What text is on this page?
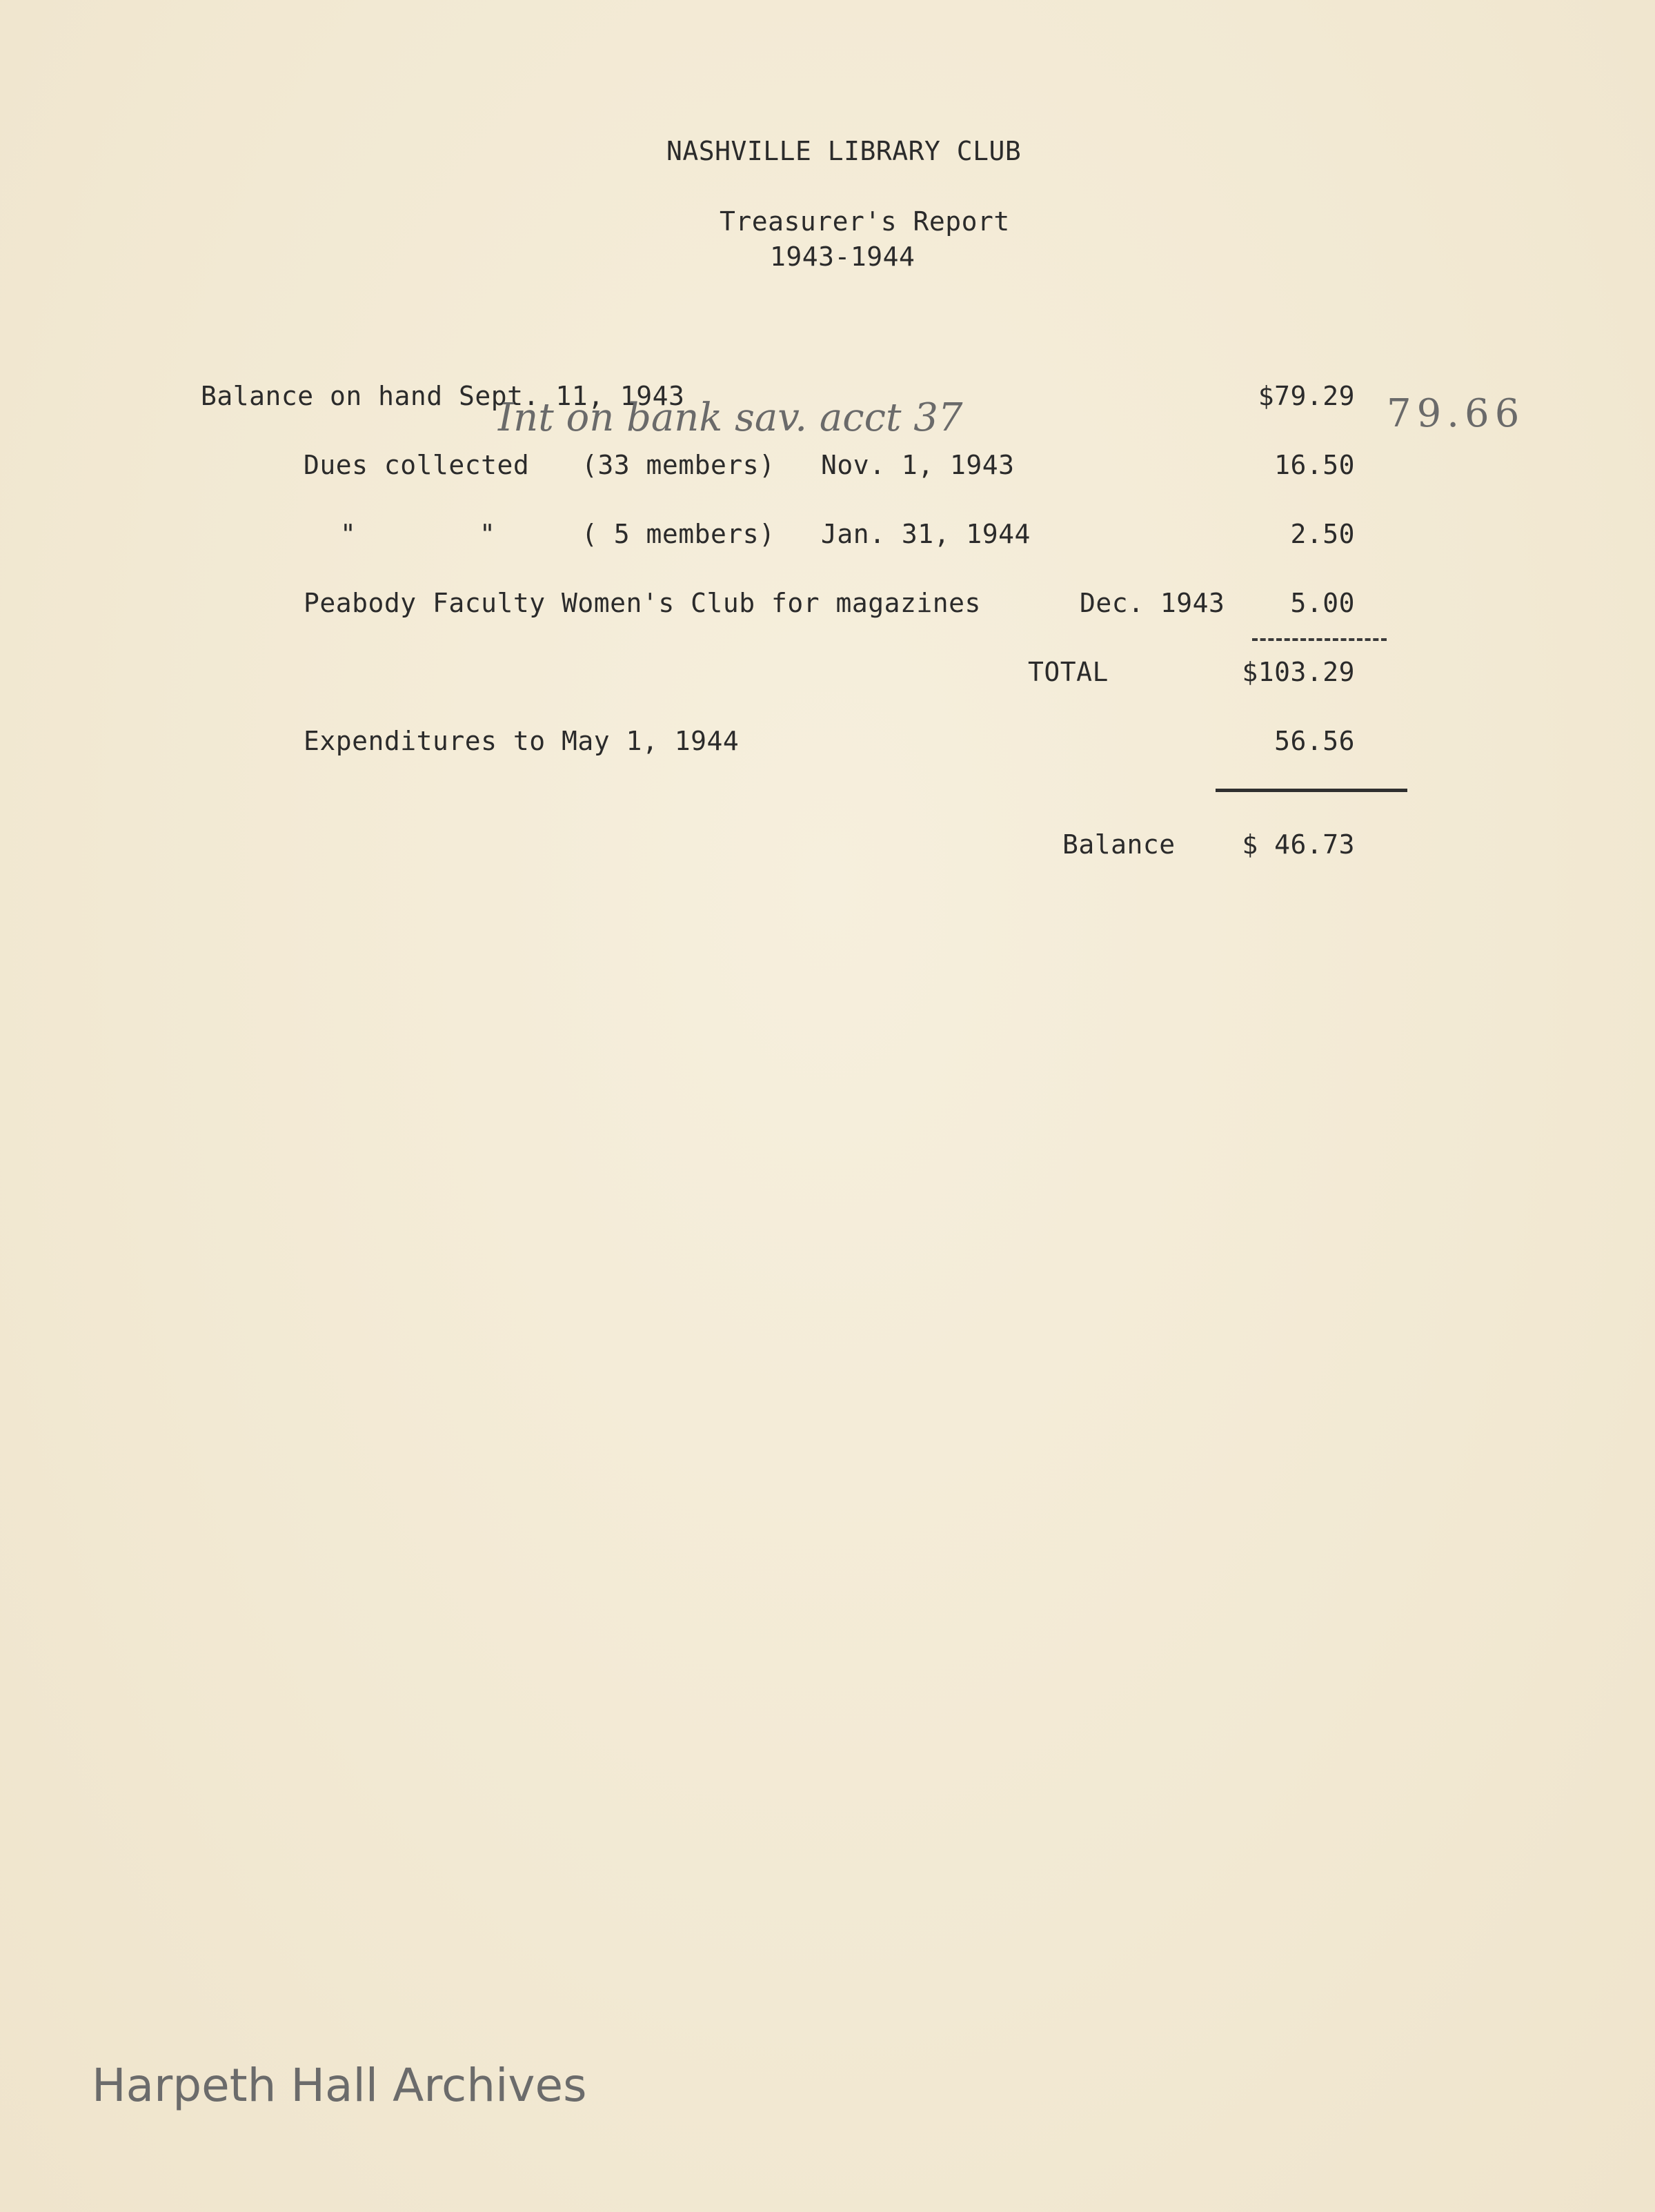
NASHVILLE LIBRARY CLUB
Treasurer's Report
1943-1944
Balance on hand Sept. 11, 1943	$79.29
Int on bank sav. acct 37	79.66
Dues collected (33 members) Nov. 1, 1943	16.50
"	"	( 5 members) Jan. 31, 1944	2.50
Peabody Faculty Women's Club for magazines	Dec. 1943	5.00
TOTAL	$103.29
Expenditures to May 1, 1944	56.56
Balance	$ 46.73
Harpeth Hall Archives
